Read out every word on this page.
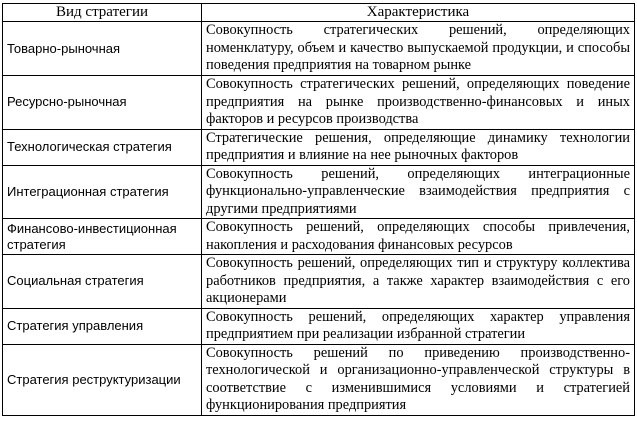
Вид стратегии	Характеристика
Товарно-рыночная	Совокупность стратегических решений, определяющих номенклатуру, объем и качество выпускаемой продукции, и способы поведения предприятия на товарном рынке
Ресурсно-рыночная	Совокупность стратегических решений, определяющих поведение предприятия на рынке производственно-финансовых и иных факторов и ресурсов производства
Технологическая стратегия	Стратегические решения, определяющие динамику технологии предприятия и влияние на нее рыночных факторов
Интеграционная стратегия	Совокупность решений, определяющих интеграционные функционально-управленческие взаимодействия предприятия с другими предприятиями
Финансово-инвестиционная стратегия	Совокупность решений, определяющих способы привлечения, накопления и расходования финансовых ресурсов
Социальная стратегия	Совокупность решений, определяющих тип и структуру коллектива работников предприятия, а также характер взаимодействия с его акционерами
Стратегия управления	Совокупность решений, определяющих характер управления предприятием при реализации избранной стратегии
Стратегия реструктуризации	Совокупность решений по приведению производственно-технологической и организационно-управленческой структуры в соответствие с изменившимися условиями и стратегией функционирования предприятия
